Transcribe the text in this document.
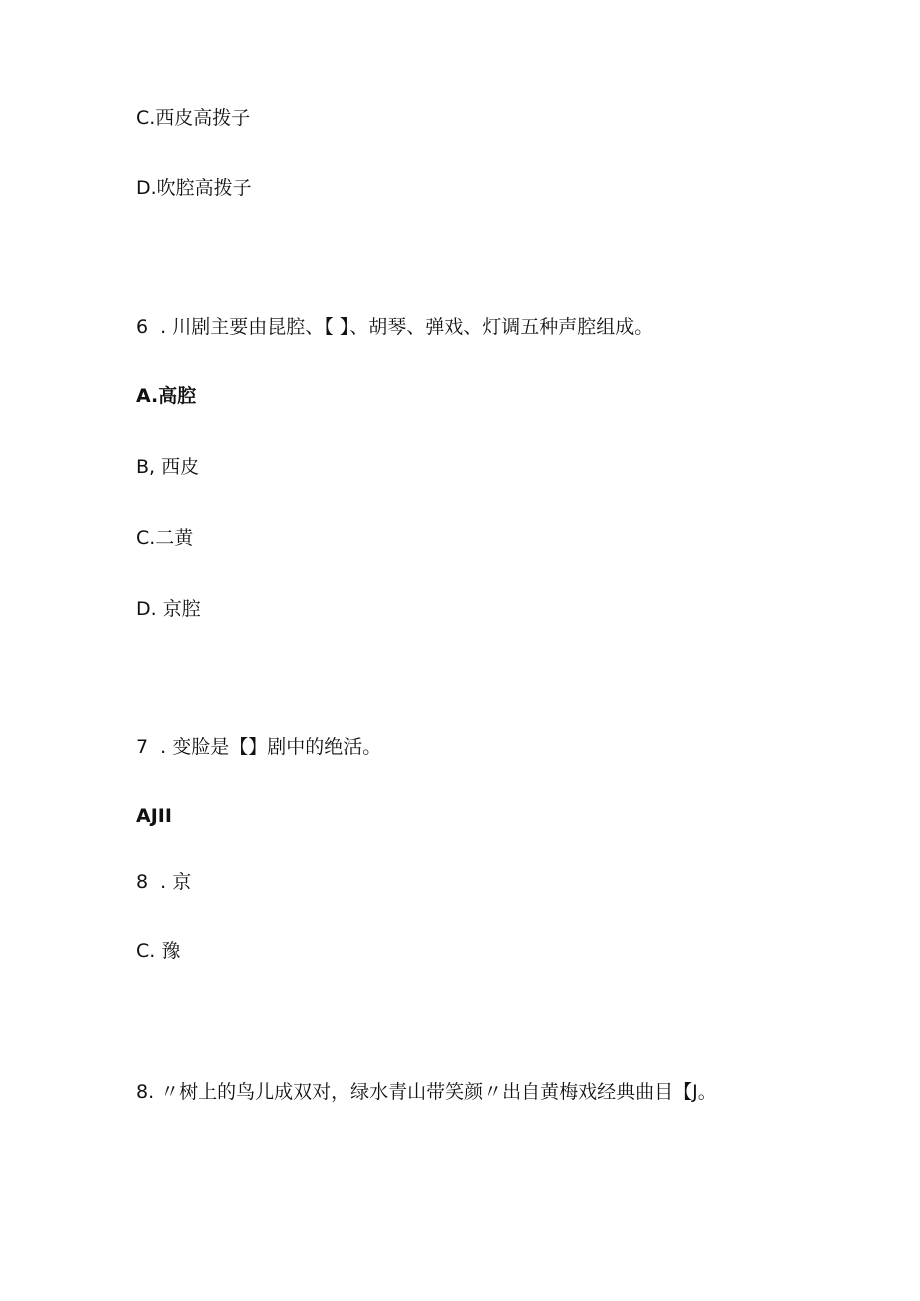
C.西皮高拨子
D.吹腔高拨子
6  . 川剧主要由昆腔、【 】、胡琴、弹戏、灯调五种声腔组成。
A.高腔
B, 西皮
C.二黄
D. 京腔
7  . 变脸是【】剧中的绝活。
AJII
8  . 京
C. 豫
8. 〃树上的鸟儿成双对，绿水青山带笑颜〃出自黄梅戏经典曲目【J。
